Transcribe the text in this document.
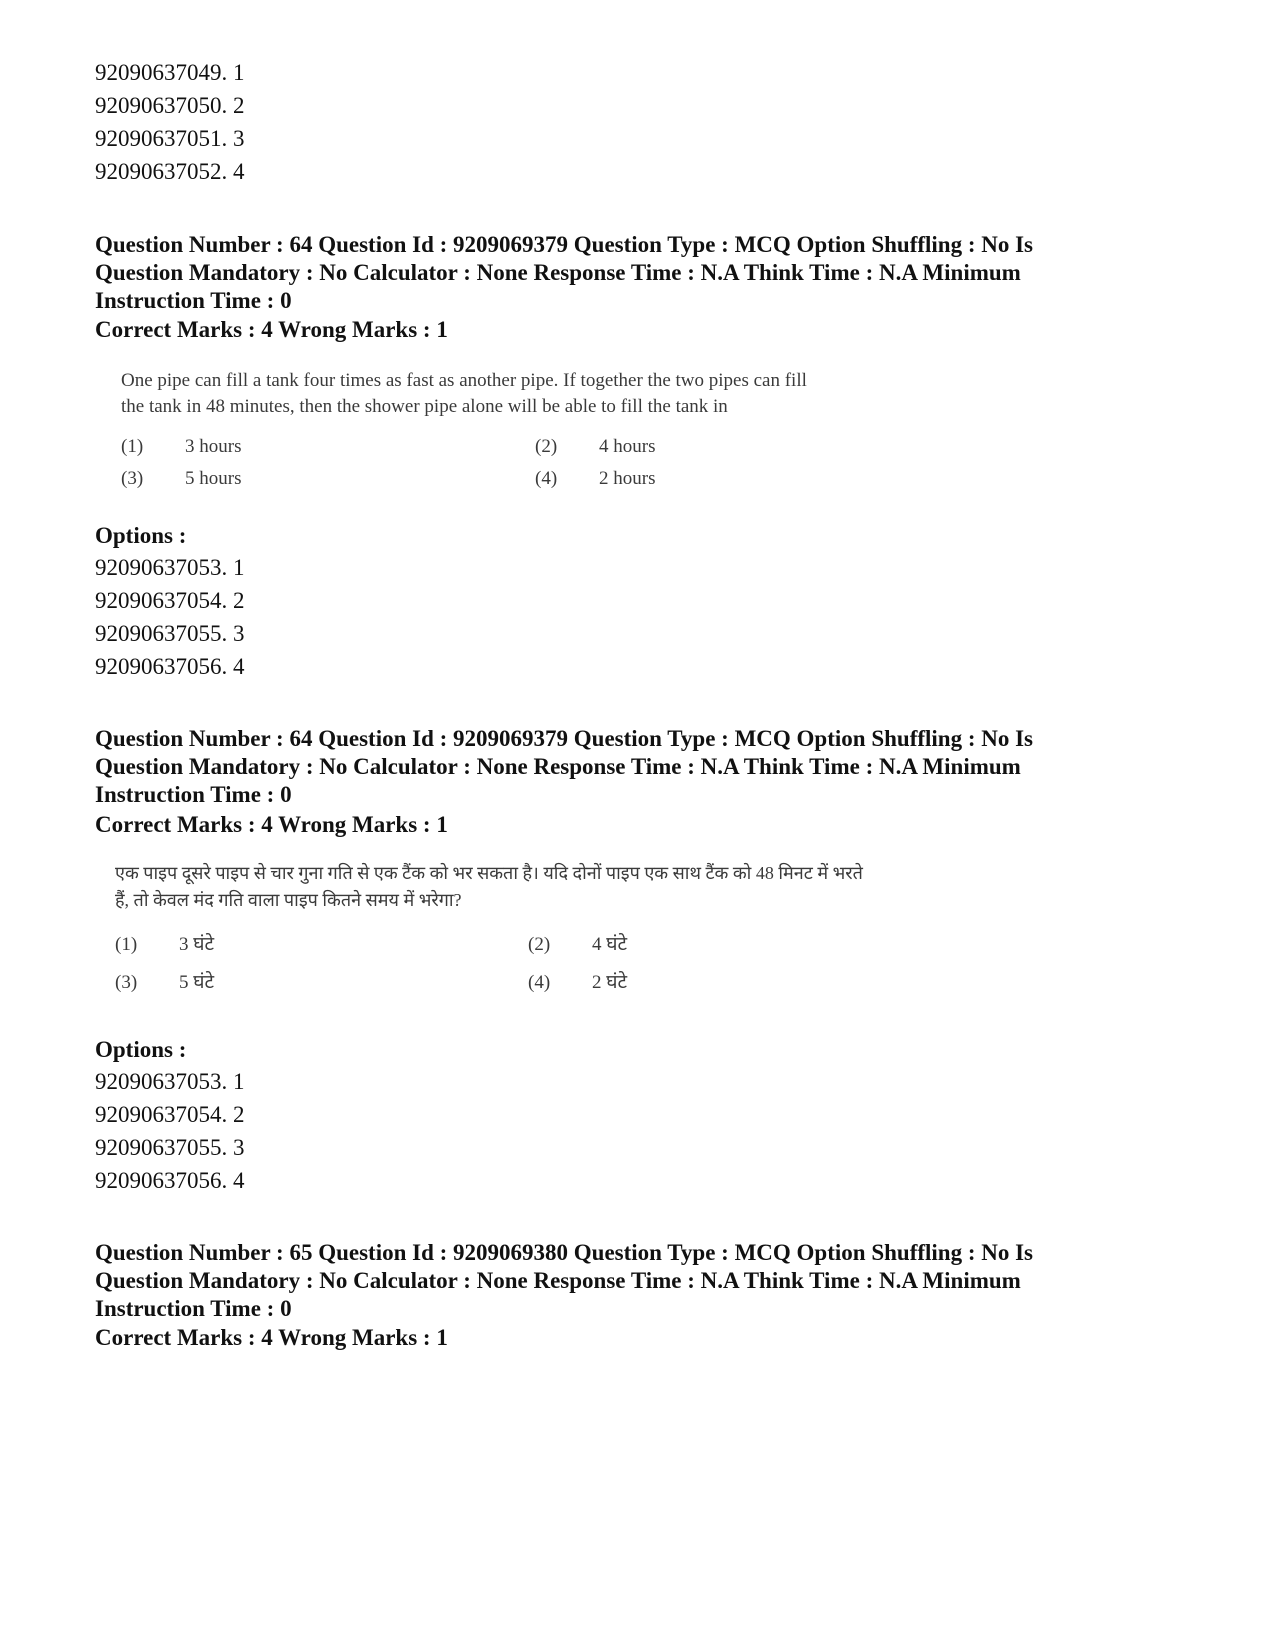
92090637049. 1
92090637050. 2
92090637051. 3
92090637052. 4
Question Number : 64 Question Id : 9209069379 Question Type : MCQ Option Shuffling : No Is
Question Mandatory : No Calculator : None Response Time : N.A Think Time : N.A Minimum
Instruction Time : 0
Correct Marks : 4 Wrong Marks : 1
One pipe can fill a tank four times as fast as another pipe. If together the two pipes can fill
the tank in 48 minutes, then the shower pipe alone will be able to fill the tank in
(1) 3 hours	(2) 4 hours
(3) 5 hours	(4) 2 hours
Options :
92090637053. 1
92090637054. 2
92090637055. 3
92090637056. 4
Question Number : 64 Question Id : 9209069379 Question Type : MCQ Option Shuffling : No Is
Question Mandatory : No Calculator : None Response Time : N.A Think Time : N.A Minimum
Instruction Time : 0
Correct Marks : 4 Wrong Marks : 1
एक पाइप दूसरे पाइप से चार गुना गति से एक टैंक को भर सकता है। यदि दोनों पाइप एक साथ टैंक को 48 मिनट में भरते
हैं, तो केवल मंद गति वाला पाइप कितने समय में भरेगा?
(1) 3 घंटे	(2) 4 घंटे
(3) 5 घंटे	(4) 2 घंटे
Options :
92090637053. 1
92090637054. 2
92090637055. 3
92090637056. 4
Question Number : 65 Question Id : 9209069380 Question Type : MCQ Option Shuffling : No Is
Question Mandatory : No Calculator : None Response Time : N.A Think Time : N.A Minimum
Instruction Time : 0
Correct Marks : 4 Wrong Marks : 1
